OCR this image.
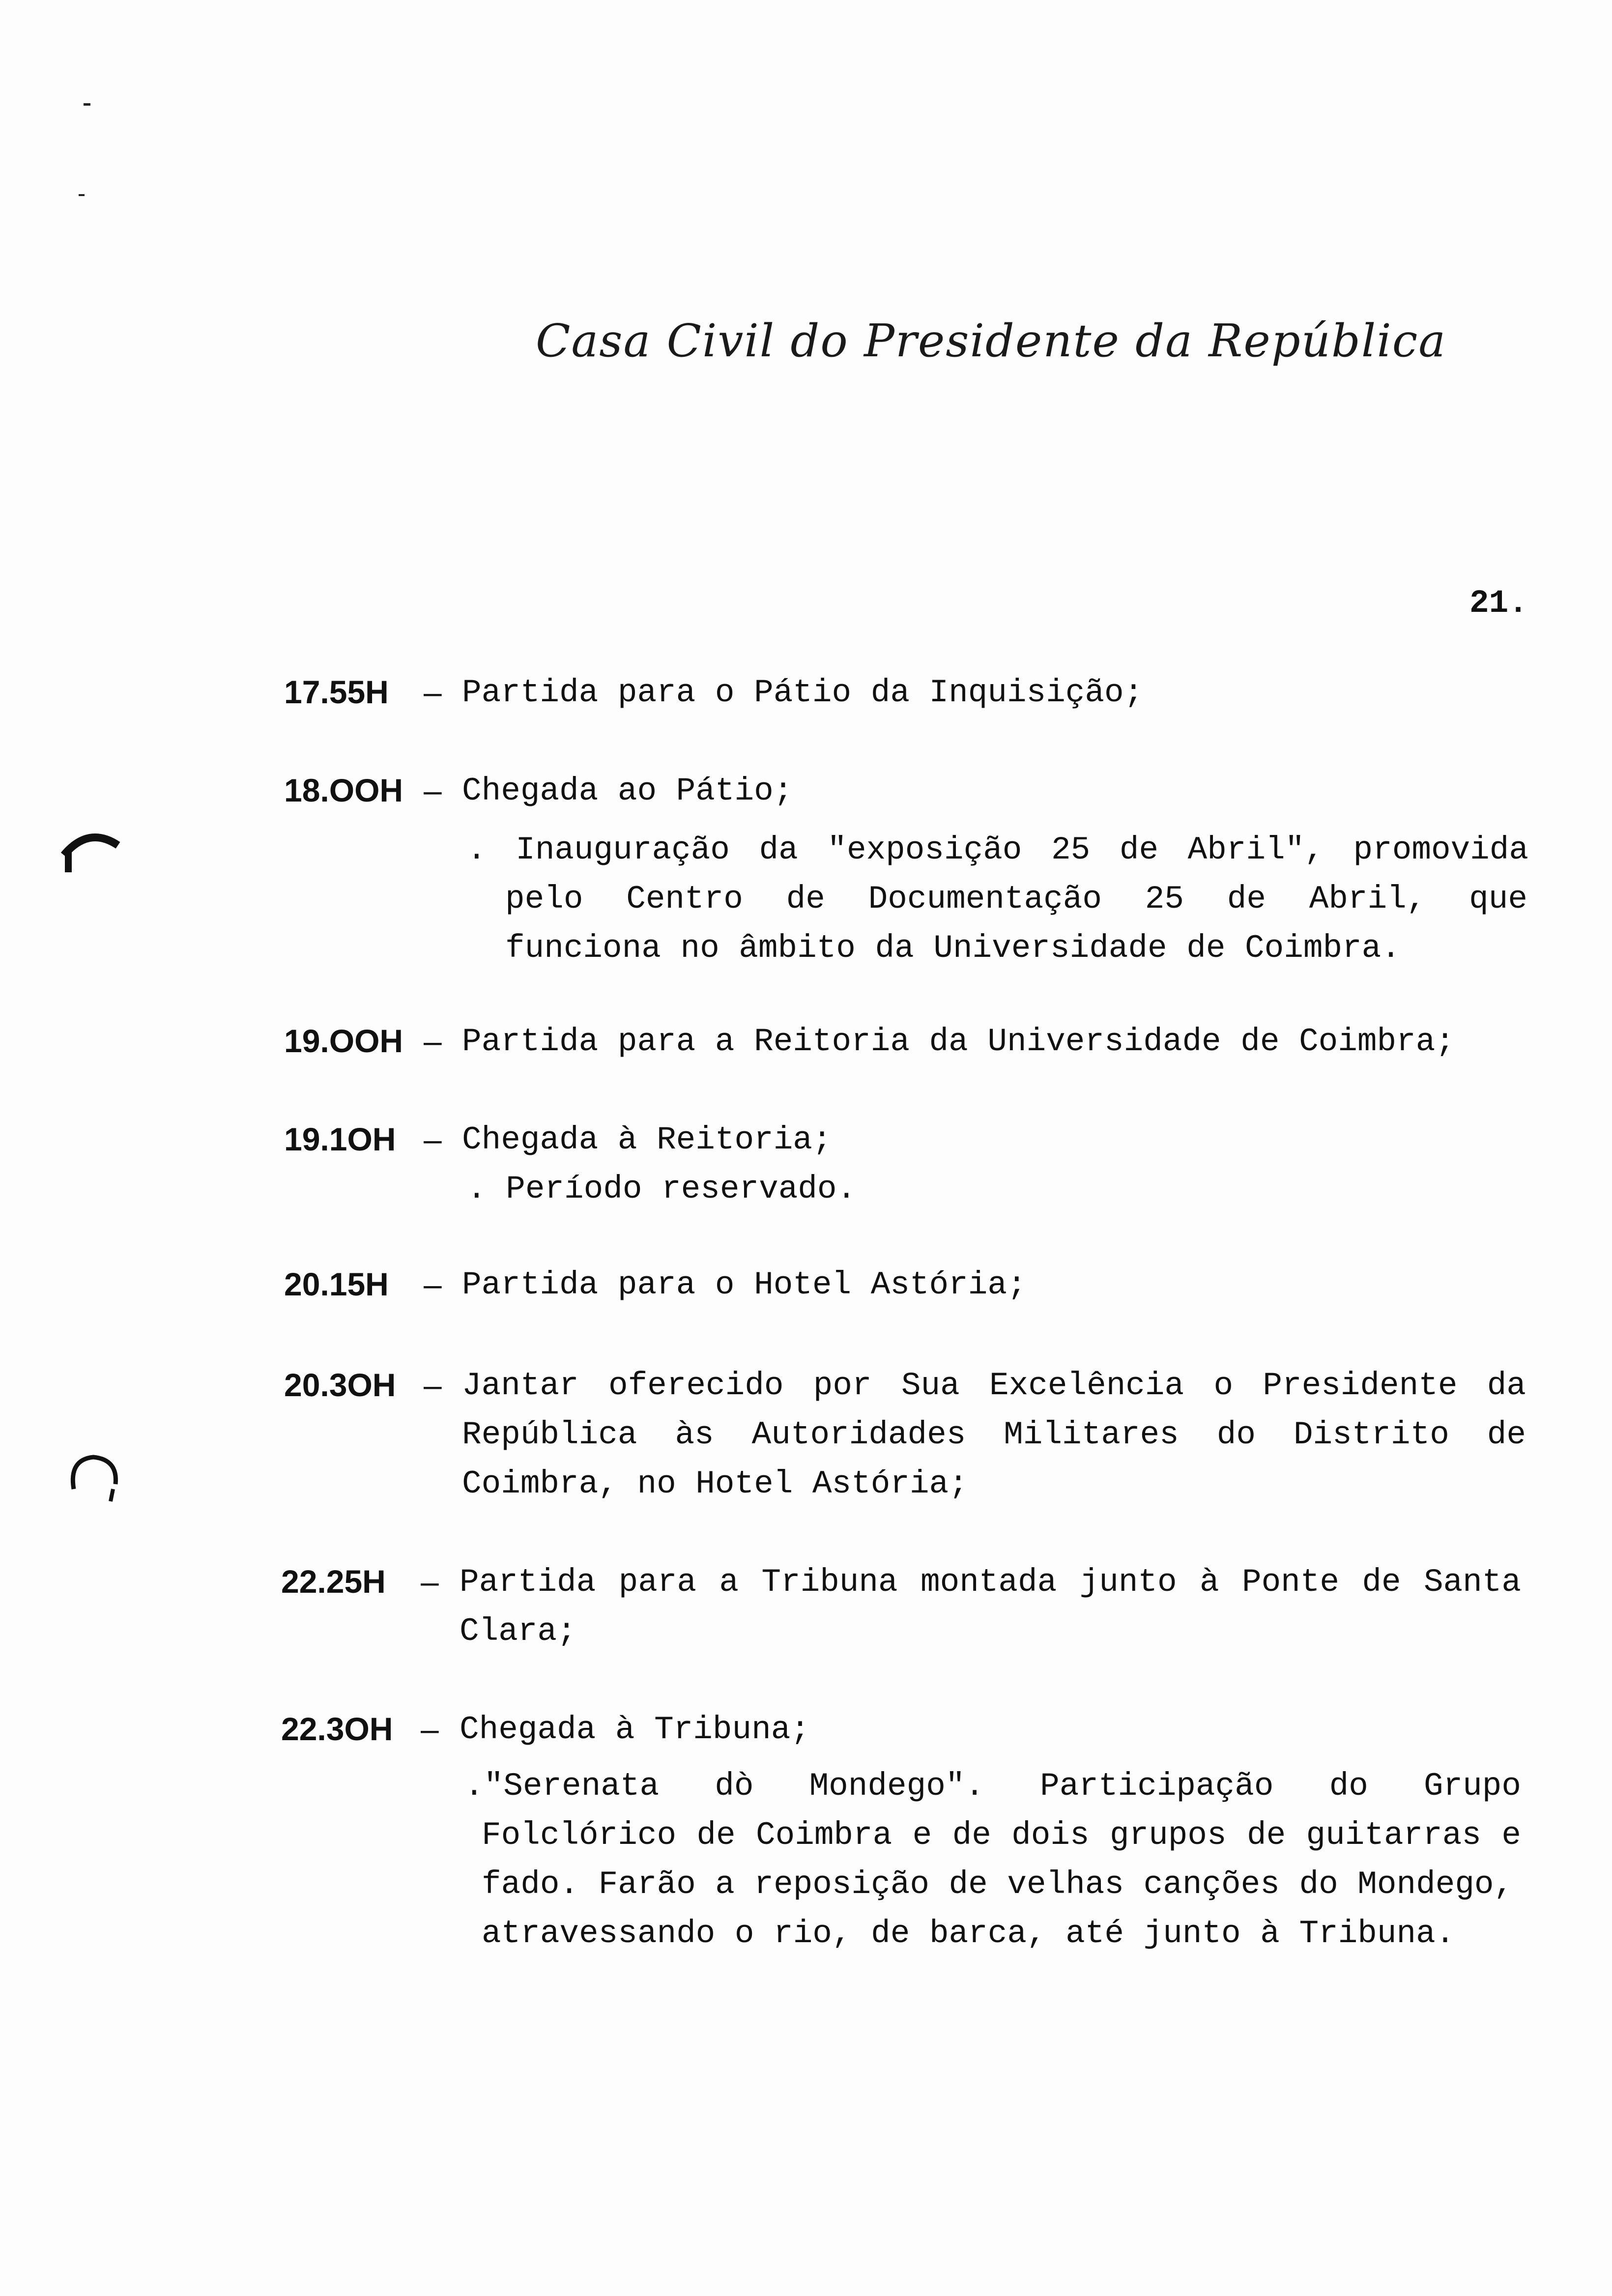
Casa Civil do Presidente da República
21.
17.55H – Partida para o Pátio da Inquisição;
18.OOH – Chegada ao Pátio;
. Inauguração da "exposição 25 de Abril", promovida
pelo Centro de Documentação 25 de Abril, que
funciona no âmbito da Universidade de Coimbra.
19.OOH – Partida para a Reitoria da Universidade de Coimbra;
19.1OH – Chegada à Reitoria;
. Período reservado.
20.15H – Partida para o Hotel Astória;
20.3OH – Jantar oferecido por Sua Excelência o Presidente da
República às Autoridades Militares do Distrito de
Coimbra, no Hotel Astória;
22.25H – Partida para a Tribuna montada junto à Ponte de Santa
Clara;
22.3OH – Chegada à Tribuna;
."Serenata dò Mondego". Participação do Grupo
Folclórico de Coimbra e de dois grupos de guitarras e
fado. Farão a reposição de velhas canções do Mondego,
atravessando o rio, de barca, até junto à Tribuna.
